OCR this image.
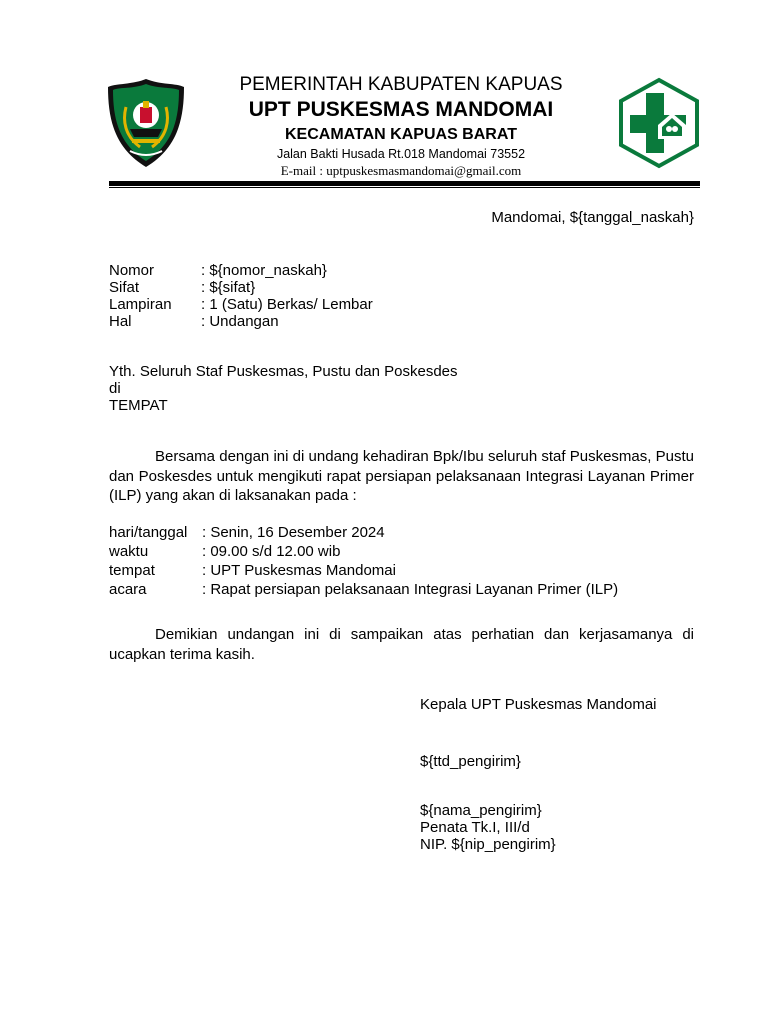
PEMERINTAH KABUPATEN KAPUAS
UPT PUSKESMAS MANDOMAI
KECAMATAN KAPUAS BARAT
Jalan Bakti Husada Rt.018 Mandomai 73552
E-mail : uptpuskesmasmandomai@gmail.com
Mandomai, ${tanggal_naskah}
Nomor	: ${nomor_naskah}
Sifat	: ${sifat}
Lampiran	: 1 (Satu) Berkas/ Lembar
Hal	: Undangan
Yth. Seluruh Staf Puskesmas, Pustu dan Poskesdes
di
TEMPAT
Bersama dengan ini di undang kehadiran Bpk/Ibu seluruh staf Puskesmas, Pustu dan Poskesdes untuk mengikuti rapat persiapan pelaksanaan Integrasi Layanan Primer (ILP) yang akan di laksanakan pada :
hari/tanggal : Senin, 16 Desember 2024
waktu	: 09.00 s/d 12.00 wib
tempat	: UPT Puskesmas Mandomai
acara	: Rapat persiapan pelaksanaan Integrasi Layanan Primer (ILP)
Demikian undangan ini di sampaikan atas perhatian dan kerjasamanya di ucapkan terima kasih.
Kepala UPT Puskesmas Mandomai
${ttd_pengirim}
${nama_pengirim}
Penata Tk.I, III/d
NIP. ${nip_pengirim}
